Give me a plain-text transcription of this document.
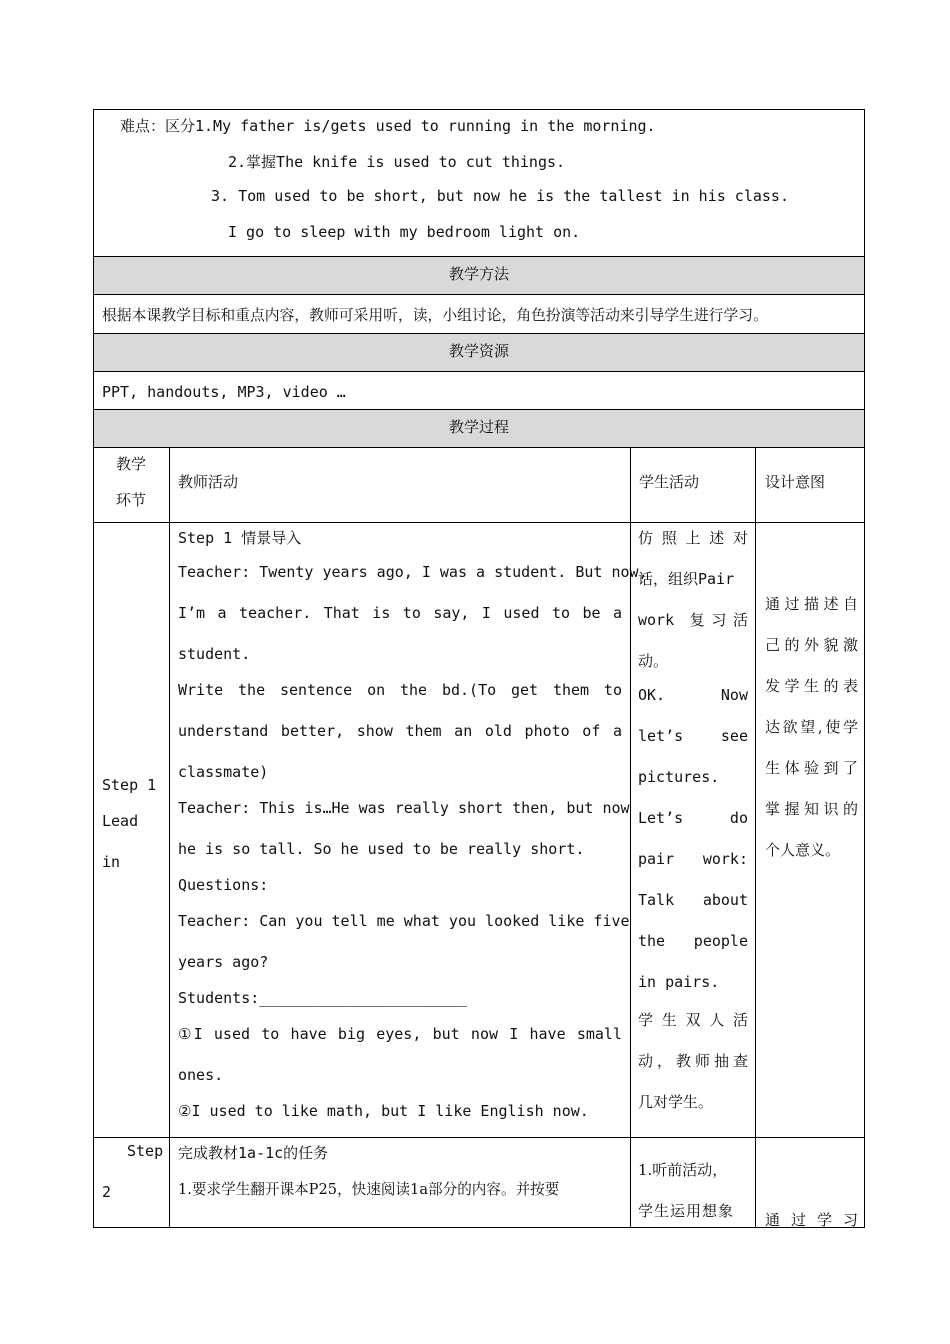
难点：区分1.My father is/gets used to running in the morning.
2.掌握The knife is used to cut things.
3. Tom used to be short, but now he is the tallest in his class.
I go to sleep with my bedroom light on.
教学方法
根据本课教学目标和重点内容，教师可采用听，读，小组讨论，角色扮演等活动来引导学生进行学习。
教学资源
PPT, handouts, MP3, video …
教学过程
教学
环节
教师活动	学生活动	设计意图
Step 1
Lead
in
Step 1 情景导入
Teacher: Twenty years ago, I was a student. But now,
I’m a teacher. That is to say, I used to be a
student.
Write the sentence on the bd.(To get them to
understand better, show them an old photo of a
classmate)
Teacher: This is…He was really short then, but now
he is so tall. So he used to be really short.
Questions:
Teacher: Can you tell me what you looked like five
years ago?
Students:_______________________
①I used to have big eyes, but now I have small
ones.
②I used to like math, but I like English now.
仿照上述对
话，组织Pair
work 复习活
动。
OK. Now
let’s see
pictures.
Let’s do
pair work:
Talk about
the people
in pairs.
学生双人活
动，教师抽查
几对学生。
通过描述自
己的外貌激
发学生的表
达欲望,使学
生体验到了
掌握知识的
个人意义。
Step
2
完成教材1a-1c的任务
1.要求学生翻开课本P25，快速阅读1a部分的内容。并按要
1.听前活动，
学生运用想象 通过学习
